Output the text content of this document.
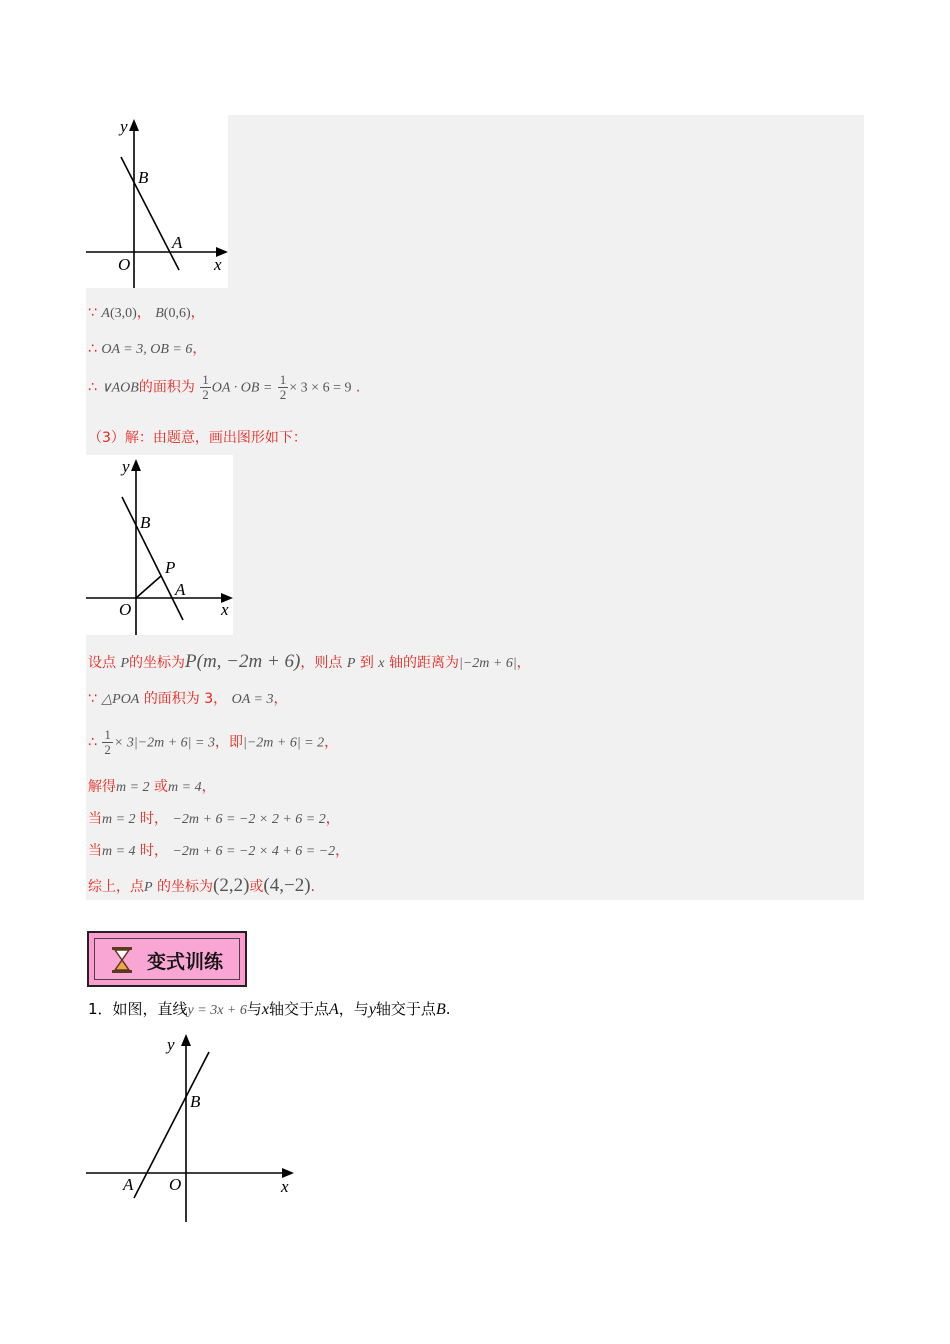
y
x
O
A
B
∵ A(3,0)， B(0,6)，
∴ OA = 3, OB = 6，
∴ ∨AOB的面积为 $\frac{1}{2}$ OA · OB = $\frac{1}{2} \times 3 \times 6 = 9$ .
（3）解：由题意，画出图形如下：
y
x
O
A
B
P
设点 P的坐标为P(m, −2m + 6)，则点 P 到 x 轴的距离为|−2m + 6|，
∵ △POA 的面积为 3， OA = 3，
∴ $\frac{1}{2} \times 3|-2m + 6| = 3$，即|−2m + 6| = 2，
解得m = 2 或m = 4，
当m = 2 时， −2m + 6 = −2 × 2 + 6 = 2，
当m = 4 时， −2m + 6 = −2 × 4 + 6 = −2，
综上，点P 的坐标为(2,2)或(4,−2).
变式训练
1．如图，直线y = 3x + 6与x轴交于点A，与y轴交于点B.
y
x
O
A
B
